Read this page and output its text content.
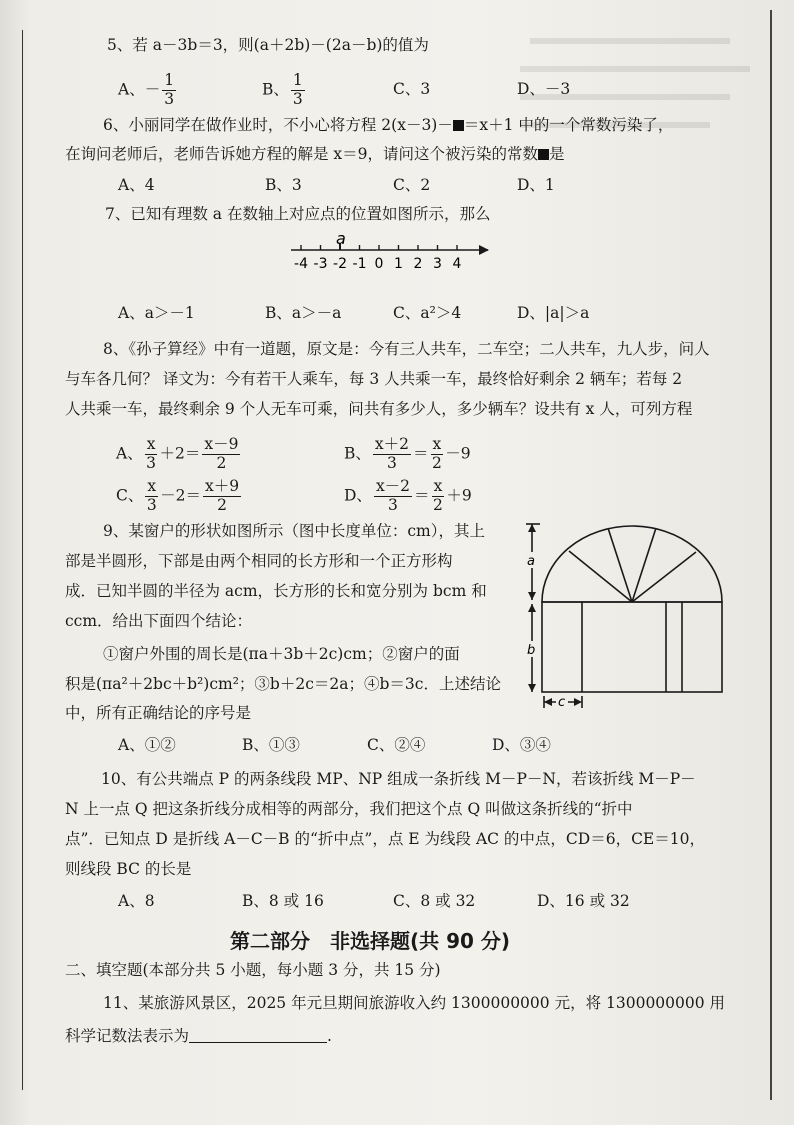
5、若 a－3b＝3，则(a＋2b)－(2a－b)的值为
A、－ $\frac{1}{3}$	B、 $\frac{1}{3}$	C、3	D、－3
6、小丽同学在做作业时，不小心将方程 2(x－3)－ ＝x＋1 中的一个常数污染了，
在询问老师后，老师告诉她方程的解是 x＝9，请问这个被污染的常数 是
A、4	B、3	C、2	D、1
7、已知有理数 a 在数轴上对应点的位置如图所示，那么
-4 -3 -2 -1 0 1 2 3 4
a
A、a＞－1	B、a＞－a	C、a²＞4	D、|a|＞a
8、《孙子算经》中有一道题，原文是：今有三人共车，二车空；二人共车，九人步，问人
与车各几何？ 译文为：今有若干人乘车，每 3 人共乘一车，最终恰好剩余 2 辆车；若每 2
人共乘一车，最终剩余 9 个人无车可乘，问共有多少人，多少辆车？设共有 x 人，可列方程
A、 $\frac{x}{3} +2= \frac{x-9}{2}$	B、 $\frac{x+2}{3} = \frac{x}{2} -9$
C、 $\frac{x}{3} -2= \frac{x+9}{2}$	D、 $\frac{x-2}{3} = \frac{x}{2} +9$
9、某窗户的形状如图所示（图中长度单位：cm），其上
部是半圆形，下部是由两个相同的长方形和一个正方形构
成．已知半圆的半径为 acm，长方形的长和宽分别为 bcm 和
ccm．给出下面四个结论：
①窗户外围的周长是(πa＋3b＋2c)cm；②窗户的面
积是(πa²＋2bc＋b²)cm²；③b＋2c＝2a；④b＝3c．上述结论
中，所有正确结论的序号是
a
b
c
A、①②	B、①③	C、②④	D、③④
10、有公共端点 P 的两条线段 MP、NP 组成一条折线 M－P－N，若该折线 M－P－
N 上一点 Q 把这条折线分成相等的两部分，我们把这个点 Q 叫做这条折线的“折中
点”．已知点 D 是折线 A－C－B 的“折中点”，点 E 为线段 AC 的中点，CD＝6，CE＝10，
则线段 BC 的长是
A、8	B、8 或 16	C、8 或 32	D、16 或 32
第二部分　非选择题(共 90 分)
二、填空题(本部分共 5 小题，每小题 3 分，共 15 分)
11、某旅游风景区，2025 年元旦期间旅游收入约 1300000000 元，将 1300000000 用
科学记数法表示为	.
